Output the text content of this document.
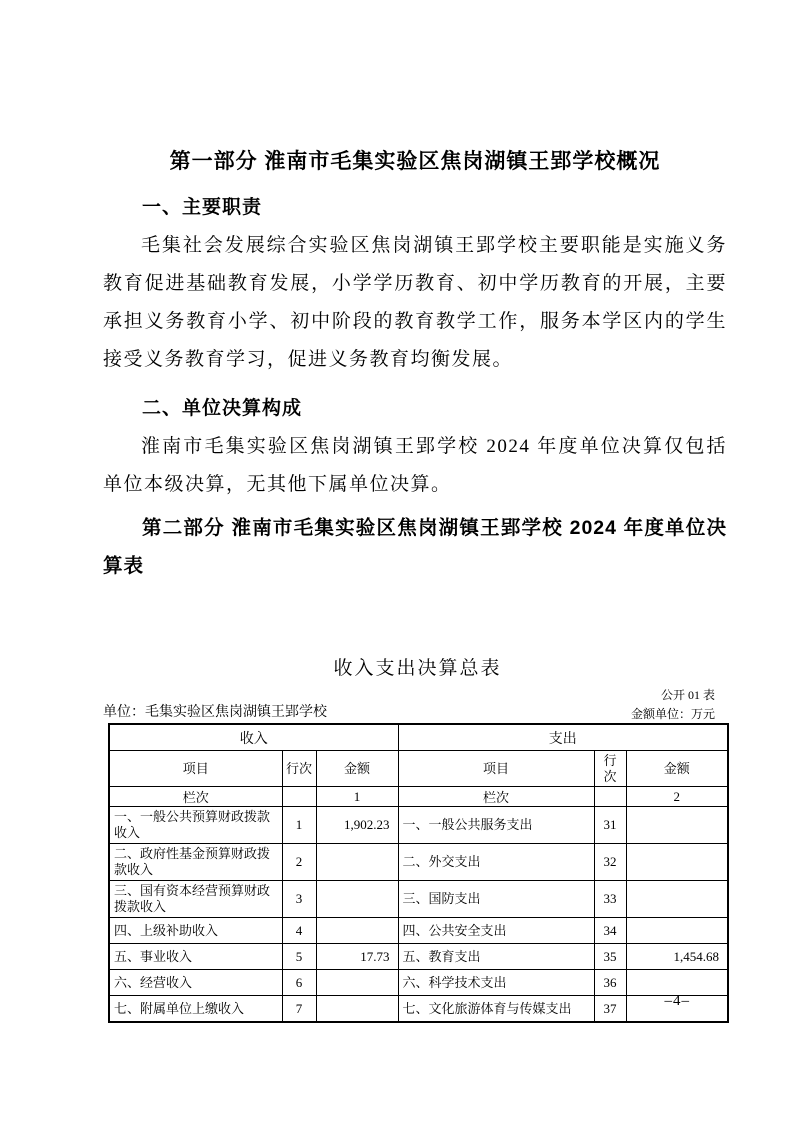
第一部分 淮南市毛集实验区焦岗湖镇王郢学校概况
一、主要职责

毛集社会发展综合实验区焦岗湖镇王郢学校主要职能是实施义务教育促进基础教育发展，小学学历教育、初中学历教育的开展，主要承担义务教育小学、初中阶段的教育教学工作，服务本学区内的学生接受义务教育学习，促进义务教育均衡发展。

二、单位决算构成

淮南市毛集实验区焦岗湖镇王郢学校 2024 年度单位决算仅包括单位本级决算，无其他下属单位决算。

第二部分 淮南市毛集实验区焦岗湖镇王郢学校 2024 年度单位决算表
收入支出决算总表
公开 01 表
单位：毛集实验区焦岗湖镇王郢学校	金额单位：万元
收入			支出		
项目	行次	金额	项目	行次	金额
栏次		1	栏次		2
一、一般公共预算财政拨款收入	1	1,902.23	一、一般公共服务支出	31	
二、政府性基金预算财政拨款收入	2		二、外交支出	32	
三、国有资本经营预算财政拨款收入	3		三、国防支出	33	
四、上级补助收入	4		四、公共安全支出	34	
五、事业收入	5	17.73	五、教育支出	35	1,454.68
六、经营收入	6		六、科学技术支出	36	
七、附属单位上缴收入	7		七、文化旅游体育与传媒支出	37		–4–
